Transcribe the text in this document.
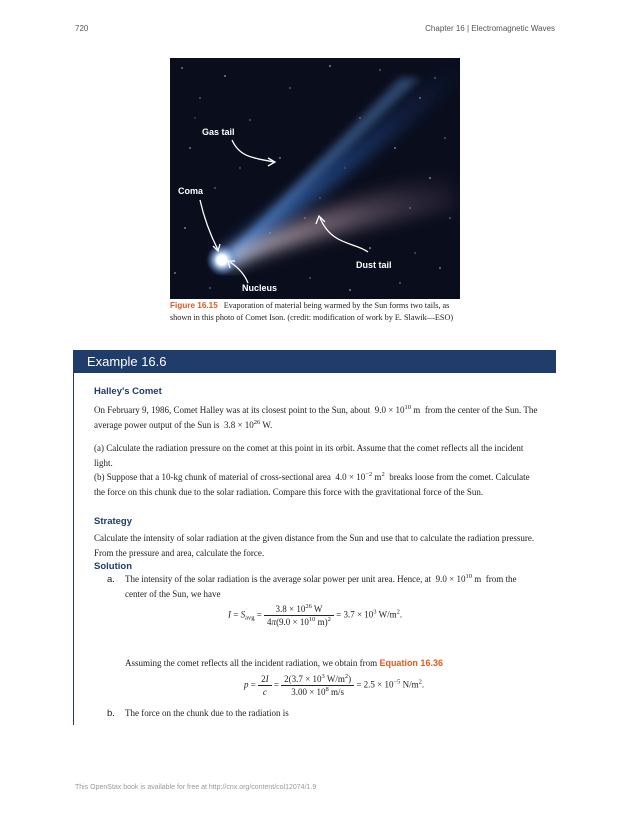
720	Chapter 16 | Electromagnetic Waves
Gas tail
Coma
Dust tail
Nucleus
Figure 16.15 Evaporation of material being warmed by the Sun forms two tails, as shown in this photo of Comet Ison. (credit: modification of work by E. Slawik—ESO)
Example 16.6
Halley's Comet
On February 9, 1986, Comet Halley was at its closest point to the Sun, about $9.0 \times 10^{10}$ m from the center of the Sun. The average power output of the Sun is $3.8 \times 10^{26}$ W.
(a) Calculate the radiation pressure on the comet at this point in its orbit. Assume that the comet reflects all the incident light.
(b) Suppose that a 10-kg chunk of material of cross-sectional area $4.0 \times 10^{-2}$ $m^2$ breaks loose from the comet. Calculate the force on this chunk due to the solar radiation. Compare this force with the gravitational force of the Sun.
Strategy
Calculate the intensity of solar radiation at the given distance from the Sun and use that to calculate the radiation pressure. From the pressure and area, calculate the force.
Solution
a. The intensity of the solar radiation is the average solar power per unit area. Hence, at $9.0 \times 10^{10}$ m from the center of the Sun, we have
$I = S_{avg} = \frac{3.8 \times 10^{26} W}{4\pi(9.0 \times 10^{10} m)^2} = 3.7 \times 10^3$ $W/m^2$.
Assuming the comet reflects all the incident radiation, we obtain from Equation 16.36
$p = \frac{2I}{c} = \frac{2(3.7 \times 10^3 W/m^2)}{3.00 \times 10^8 m/s} = 2.5 \times 10^{-5}$ $N/m^2$.
b. The force on the chunk due to the radiation is
This OpenStax book is available for free at http://cnx.org/content/col12074/1.9
